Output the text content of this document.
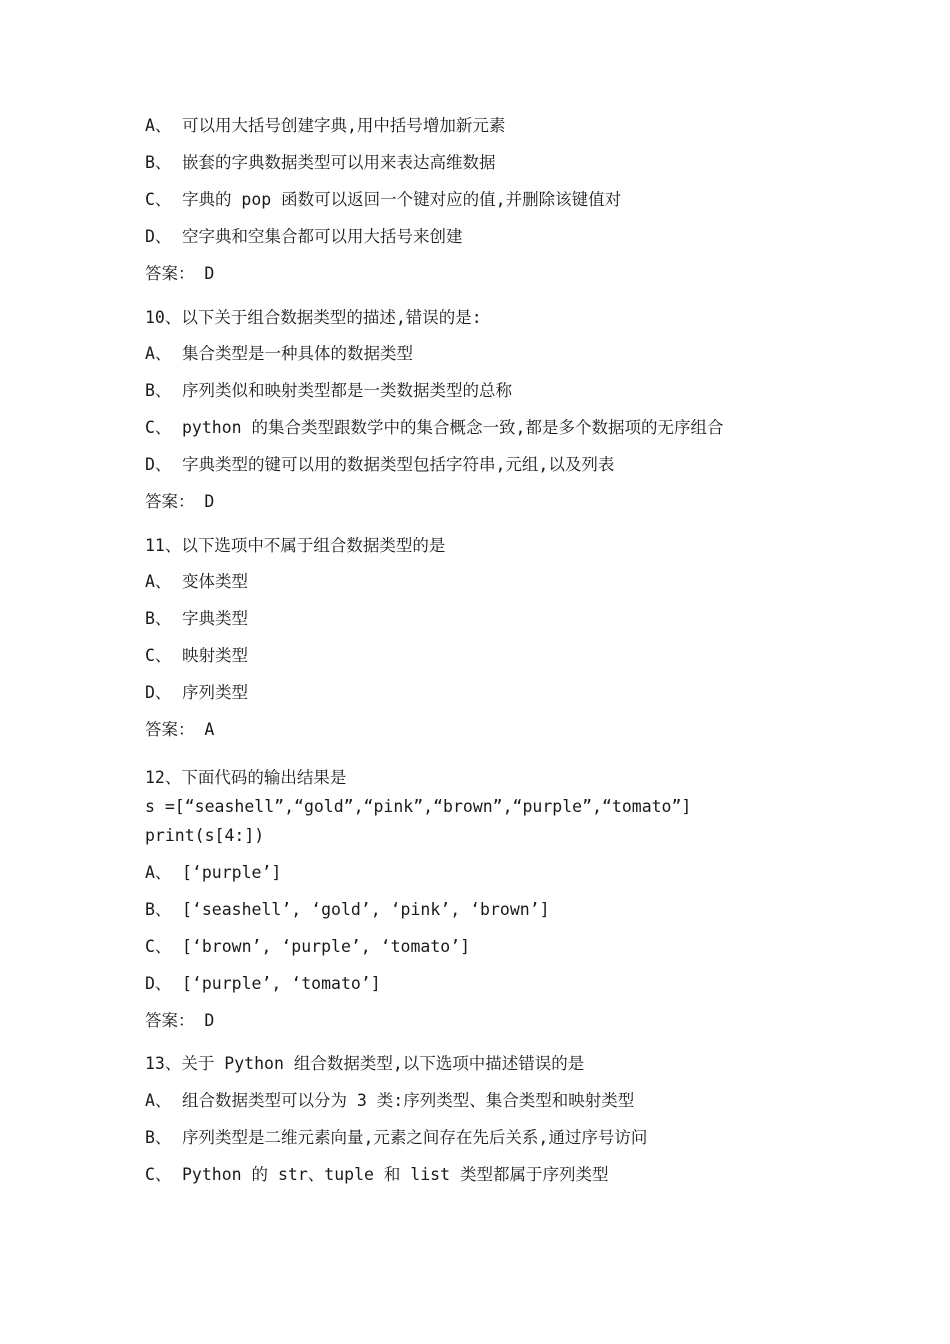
A、 可以用大括号创建字典,用中括号增加新元素
B、 嵌套的字典数据类型可以用来表达高维数据
C、 字典的 pop 函数可以返回一个键对应的值,并删除该键值对
D、 空字典和空集合都可以用大括号来创建
答案： D
10、以下关于组合数据类型的描述,错误的是:
A、 集合类型是一种具体的数据类型
B、 序列类似和映射类型都是一类数据类型的总称
C、 python 的集合类型跟数学中的集合概念一致,都是多个数据项的无序组合
D、 字典类型的键可以用的数据类型包括字符串,元组,以及列表
答案： D
11、以下选项中不属于组合数据类型的是
A、 变体类型
B、 字典类型
C、 映射类型
D、 序列类型
答案： A
12、下面代码的输出结果是
s =[“seashell”,“gold”,“pink”,“brown”,“purple”,“tomato”]
print(s[4:])
A、 [‘purple’]
B、 [‘seashell’, ‘gold’, ‘pink’, ‘brown’]
C、 [‘brown’, ‘purple’, ‘tomato’]
D、 [‘purple’, ‘tomato’]
答案： D
13、关于 Python 组合数据类型,以下选项中描述错误的是
A、 组合数据类型可以分为 3 类:序列类型、集合类型和映射类型
B、 序列类型是二维元素向量,元素之间存在先后关系,通过序号访问
C、 Python 的 str、tuple 和 list 类型都属于序列类型
